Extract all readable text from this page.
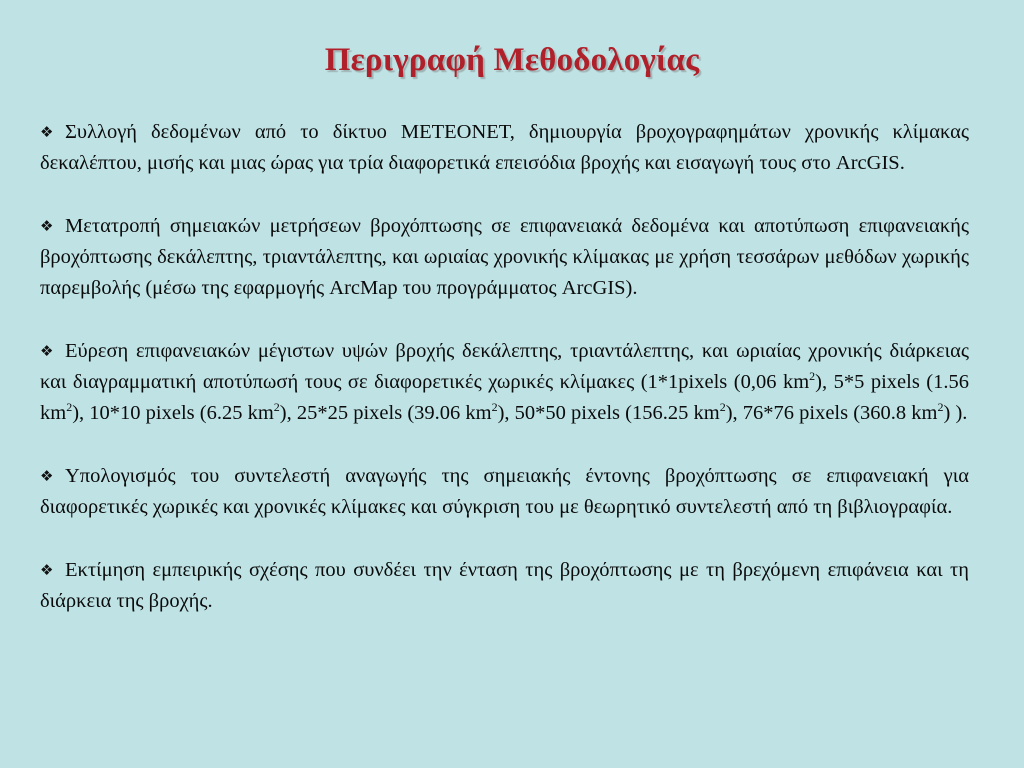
Περιγραφή Μεθοδολογίας
❖ Συλλογή δεδομένων από το δίκτυο METEONET, δημιουργία βροχογραφημάτων χρονικής κλίμακας δεκαλέπτου, μισής και μιας ώρας για τρία διαφορετικά επεισόδια βροχής και εισαγωγή τους στο ArcGIS.
❖ Μετατροπή σημειακών μετρήσεων βροχόπτωσης σε επιφανειακά δεδομένα και αποτύπωση επιφανειακής βροχόπτωσης δεκάλεπτης, τριαντάλεπτης, και ωριαίας χρονικής κλίμακας με χρήση τεσσάρων μεθόδων χωρικής παρεμβολής (μέσω της εφαρμογής ArcMap του προγράμματος ArcGIS).
❖ Εύρεση επιφανειακών μέγιστων υψών βροχής δεκάλεπτης, τριαντάλεπτης, και ωριαίας χρονικής διάρκειας και διαγραμματική αποτύπωσή τους σε διαφορετικές χωρικές κλίμακες (1*1pixels (0,06 $km^2$), 5*5 pixels (1.56 $km^2$), 10*10 pixels (6.25 $km^2$), 25*25 pixels (39.06 $km^2$), 50*50 pixels (156.25 $km^2$), 76*76 pixels (360.8 $km^2$) ).
❖ Υπολογισμός του συντελεστή αναγωγής της σημειακής έντονης βροχόπτωσης σε επιφανειακή για διαφορετικές χωρικές και χρονικές κλίμακες και σύγκριση του με θεωρητικό συντελεστή από τη βιβλιογραφία.
❖ Εκτίμηση εμπειρικής σχέσης που συνδέει την ένταση της βροχόπτωσης με τη βρεχόμενη επιφάνεια και τη διάρκεια της βροχής.
